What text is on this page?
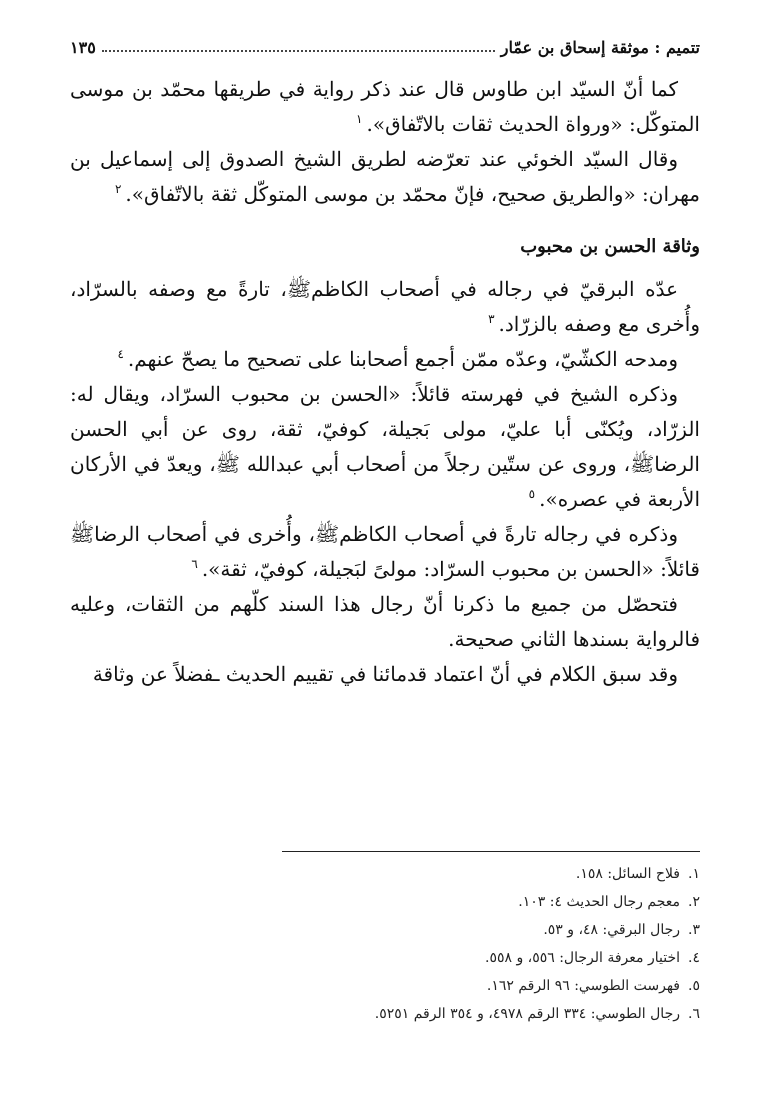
تتميم : موثقة إسحاق بن عمّار
١٣٥

كما أنّ السيّد ابن طاوس قال عند ذكر رواية في طريقها محمّد بن موسى المتوكّل: «ورواة الحديث ثقات بالاتّفاق».$^١$

وقال السيّد الخوئي عند تعرّضه لطريق الشيخ الصدوق إلى إسماعيل بن مهران: «والطريق صحيح، فإنّ محمّد بن موسى المتوكّل ثقة بالاتّفاق».$^٢$

وثاقة الحسن بن محبوب

عدّه البرقيّ في رجاله في أصحاب الكاظمﷺ، تارةً مع وصفه بالسرّاد، وأُخرى مع وصفه بالزرّاد.$^٣$

ومدحه الكشّيّ، وعدّه ممّن أجمع أصحابنا على تصحيح ما يصحّ عنهم.$^٤$

وذكره الشيخ في فهرسته قائلاً: «الحسن بن محبوب السرّاد، ويقال له: الزرّاد، ويُكنّى أبا عليّ، مولى بَجيلة، كوفيّ، ثقة، روى عن أبي الحسن الرضاﷺ، وروى عن ستّين رجلاً من أصحاب أبي عبدالله ﷺ، ويعدّ في الأركان الأربعة في عصره».$^٥$

وذكره في رجاله تارةً في أصحاب الكاظمﷺ، وأُخرى في أصحاب الرضاﷺ قائلاً: «الحسن بن محبوب السرّاد: مولىً لبَجيلة، كوفيّ، ثقة».$^٦$

فتحصّل من جميع ما ذكرنا أنّ رجال هذا السند كلّهم من الثقات، وعليه فالرواية بسندها الثاني صحيحة.

وقد سبق الكلام في أنّ اعتماد قدمائنا في تقييم الحديث ـفضلاً عن وثاقة

١.
فلاح السائل: ١٥٨.
٢.
معجم رجال الحديث ٤: ١٠٣.
٣.
رجال البرقي: ٤٨، و ٥٣.
٤.
اختيار معرفة الرجال: ٥٥٦، و ٥٥٨.
٥.
فهرست الطوسي: ٩٦ الرقم ١٦٢.
٦.
رجال الطوسي: ٣٣٤ الرقم ٤٩٧٨، و ٣٥٤ الرقم ٥٢٥١.
